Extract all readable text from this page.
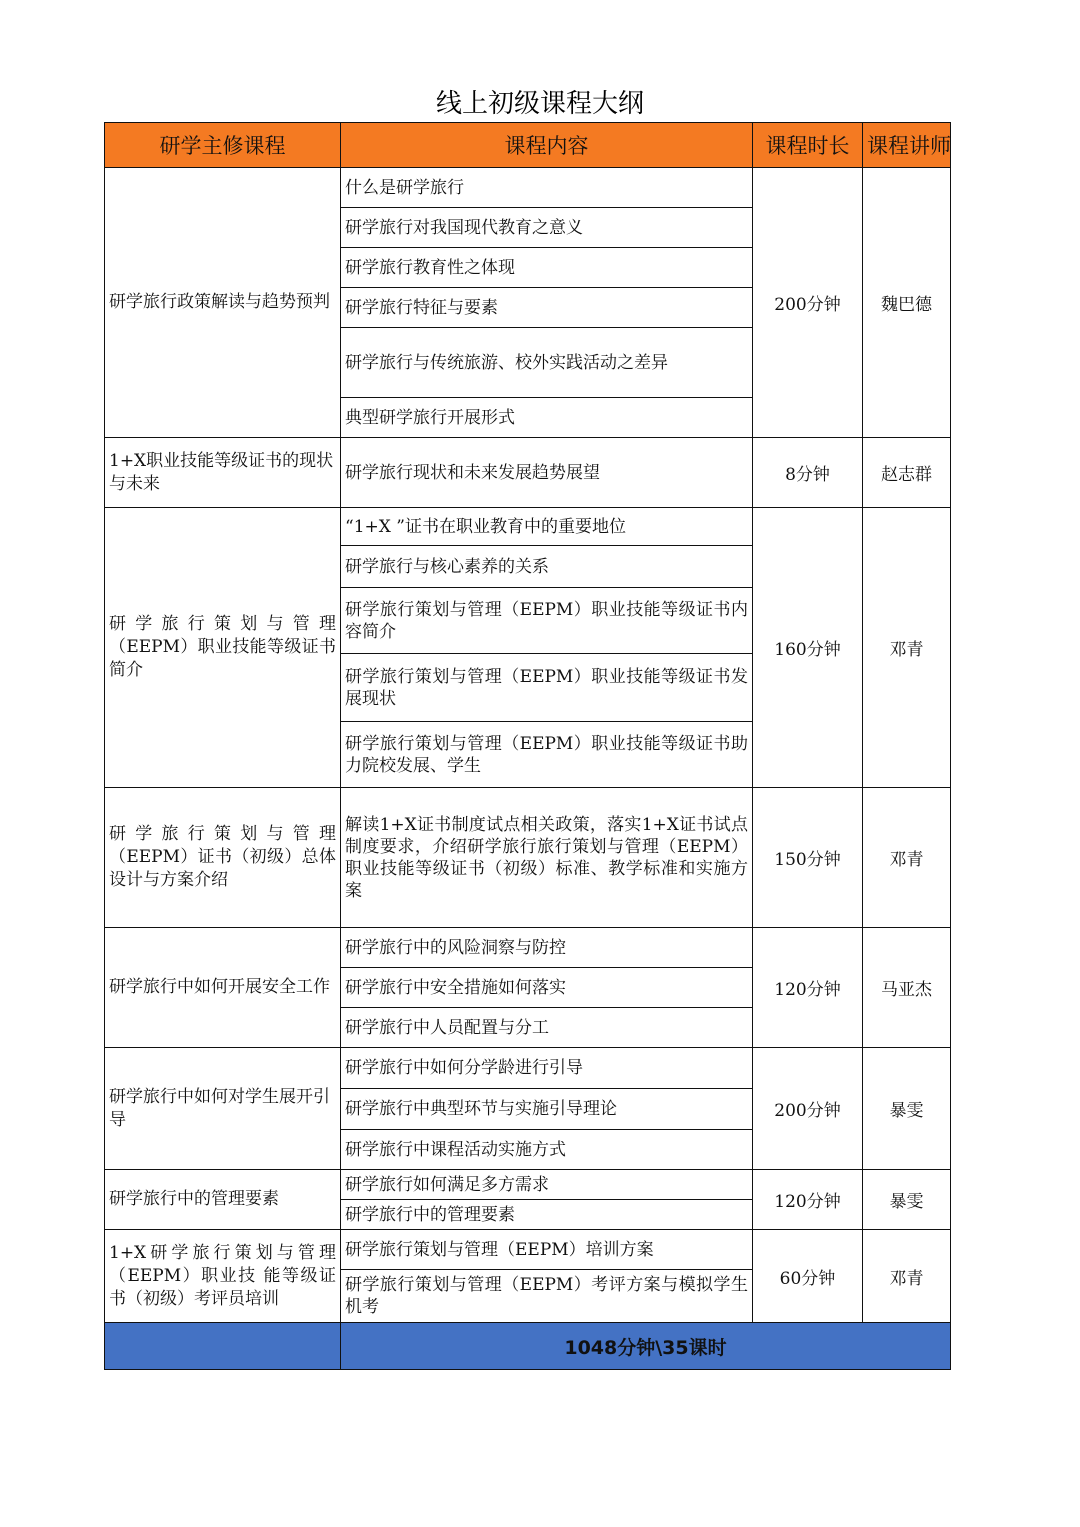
线上初级课程大纲
研学主修课程	课程内容	课程时长	课程讲师
研学旅行政策解读与趋势预判	什么是研学旅行	200分钟	魏巴德
	研学旅行对我国现代教育之意义		
	研学旅行教育性之体现		
	研学旅行特征与要素		
	研学旅行与传统旅游、校外实践活动之差异		
	典型研学旅行开展形式		
1+X职业技能等级证书的现状与未来	研学旅行现状和未来发展趋势展望	8分钟	赵志群
研学旅行策划与管理（EEPM）职业技能等级证书简介	“1+X ”证书在职业教育中的重要地位	160分钟	邓青
	研学旅行与核心素养的关系		
	研学旅行策划与管理（EEPM）职业技能等级证书内容简介		
	研学旅行策划与管理（EEPM）职业技能等级证书发展现状		
	研学旅行策划与管理（EEPM）职业技能等级证书助力院校发展、学生		
研学旅行策划与管理（EEPM）证书（初级）总体设计与方案介绍	解读1+X证书制度试点相关政策，落实1+X证书试点制度要求，介绍研学旅行旅行策划与管理（EEPM）职业技能等级证书（初级）标准、教学标准和实施方案	150分钟	邓青
研学旅行中如何开展安全工作	研学旅行中的风险洞察与防控	120分钟	马亚杰
	研学旅行中安全措施如何落实		
	研学旅行中人员配置与分工		
研学旅行中如何对学生展开引导	研学旅行中如何分学龄进行引导	200分钟	暴雯
	研学旅行中典型环节与实施引导理论		
	研学旅行中课程活动实施方式		
研学旅行中的管理要素	研学旅行如何满足多方需求	120分钟	暴雯
	研学旅行中的管理要素		
1+X研学旅行策划与管理（EEPM）职业技 能等级证书（初级）考评员培训	研学旅行策划与管理（EEPM）培训方案	60分钟	邓青
	研学旅行策划与管理（EEPM）考评方案与模拟学生机考		
	1048分钟\35课时		
